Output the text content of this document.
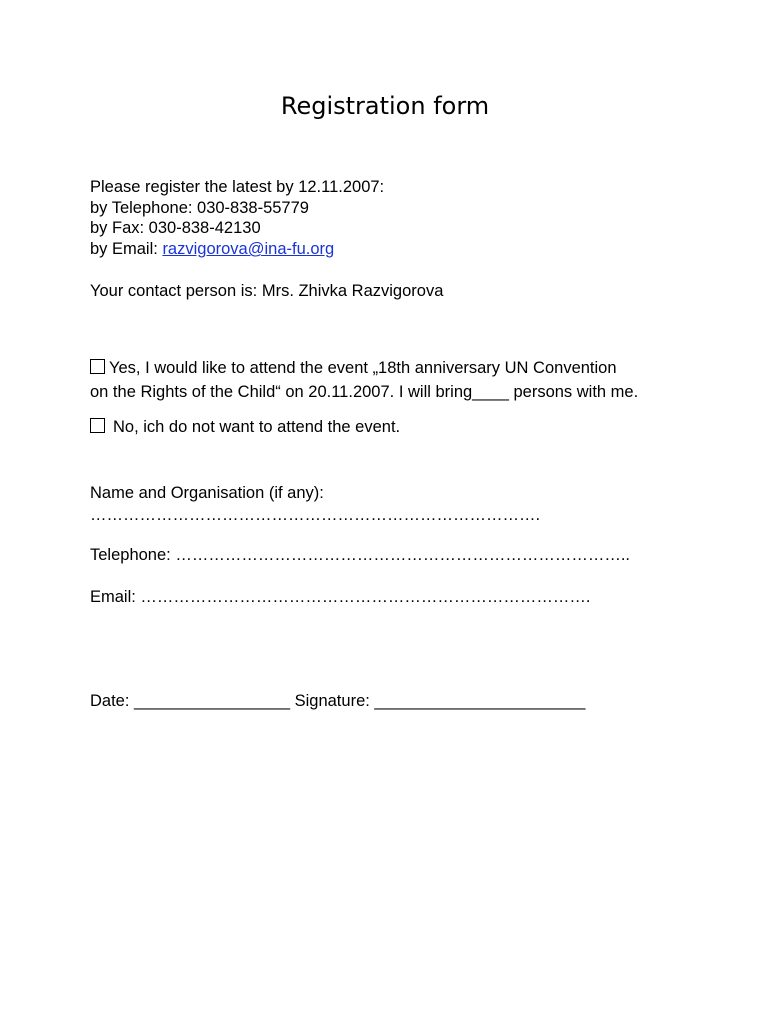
Registration form
Please register the latest by 12.11.2007:
by Telephone: 030-838-55779
by Fax: 030-838-42130
by Email: razvigorova@ina-fu.org
Your contact person is: Mrs. Zhivka Razvigorova
Yes, I would like to attend the event „18th anniversary UN Convention
on the Rights of the Child“ on 20.11.2007. I will bring____ persons with me.
No, ich do not want to attend the event.
Name and Organisation (if any):
……………………………………………………………………….
Telephone: ………………………………………………………………………..
Email: ……………………………………………………………………….
Date: _________________ Signature: _______________________
